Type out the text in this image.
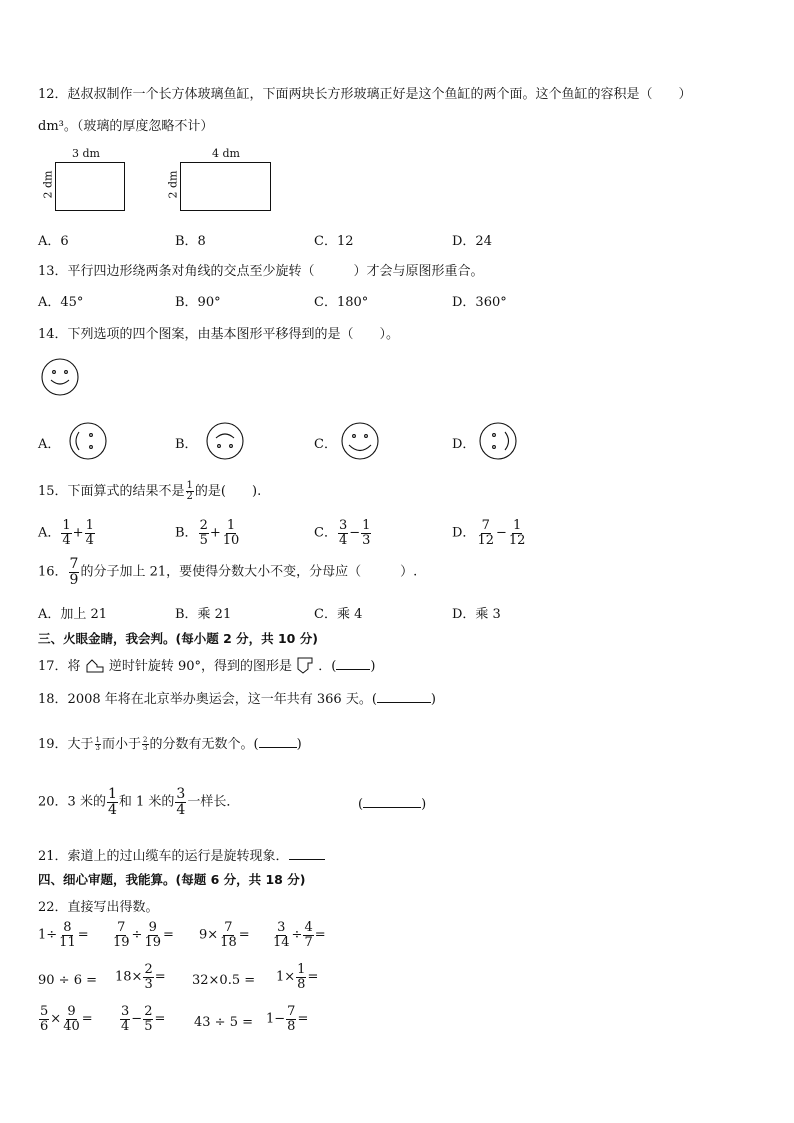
12．赵叔叔制作一个长方体玻璃鱼缸，下面两块长方形玻璃正好是这个鱼缸的两个面。这个鱼缸的容积是（　　）
dm³。（玻璃的厚度忽略不计）
3 dm
2 dm
4 dm
2 dm
A．6	B．8	C．12	D．24
13．平行四边形绕两条对角线的交点至少旋转（　　　）才会与原图形重合。
A．45°	B．90°	C．180°	D．360°
14．下列选项的四个图案，由基本图形平移得到的是（　　）。
A．	B．	C．	D．
15．下面算式的结果不是 $\frac{1}{2}$ 的是(　　).
A． $\frac{1}{4} + \frac{1}{4}$	B． $\frac{2}{5} + \frac{1}{10}$	C． $\frac{3}{4} - \frac{1}{3}$	D． $\frac{7}{12} - \frac{1}{12}$
16． $\frac{7}{9}$ 的分子加上 21，要使得分数大小不变，分母应（　　　）.
A．加上 21	B．乘 21	C．乘 4	D．乘 3
三、火眼金睛，我会判。(每小题 2 分，共 10 分)
17．将 逆时针旋转 90°，得到的图形是 ．(	)
18．2008 年将在北京举办奥运会，这一年共有 366 天。(	)
19．大于 $\frac{1}{3}$ 而小于 $\frac{2}{3}$ 的分数有无数个。(	)
20．3 米的 $\frac{1}{4}$ 和 1 米的 $\frac{3}{4}$ 一样长．	(	)
21．索道上的过山缆车的运行是旋转现象．
四、细心审题，我能算。(每题 6 分，共 18 分)
22．直接写出得数。
$1\div \frac{8}{11} = \frac{7}{19} \div \frac{9}{19} = 9\times \frac{7}{18} = \frac{3}{14} \div \frac{4}{7}$ =
$90 \div 6 = 18\times \frac{2}{3} = 32\times 0.5 = 1\times \frac{1}{8}$ =
$\frac{5}{6} \times \frac{9}{40} = \frac{3}{4} - \frac{2}{5} = 43 \div 5 = 1- \frac{7}{8}$ =
